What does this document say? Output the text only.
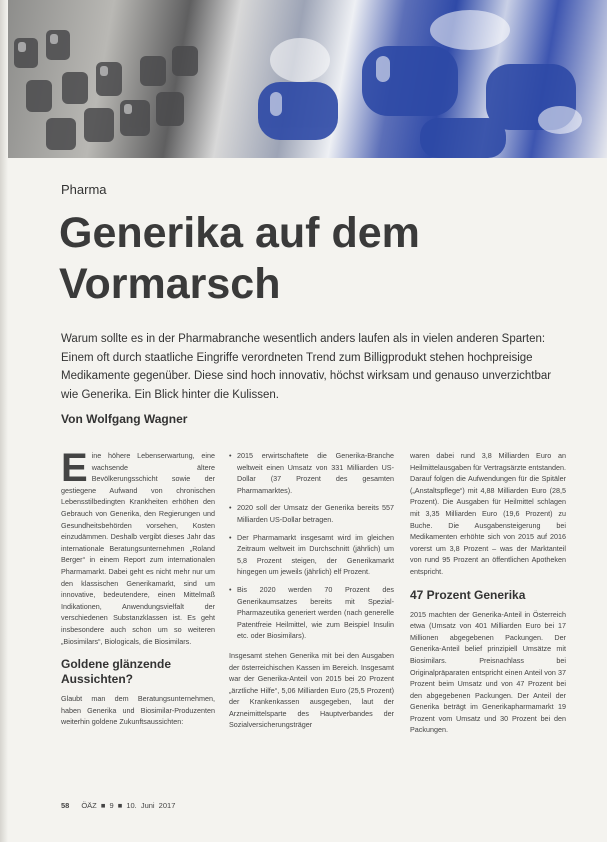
Pharma
Generika auf dem Vormarsch

Warum sollte es in der Pharmabranche wesentlich anders laufen als in vielen anderen Sparten: Einem oft durch staatliche Eingriffe verordneten Trend zum Billigprodukt stehen hochpreisige Medikamente gegenüber. Diese sind hoch innovativ, höchst wirksam und genauso unverzichtbar wie Generika. Ein Blick hinter die Kulissen.

Von Wolfgang Wagner

Eine höhere Lebenserwartung, eine wachsende ältere Bevölkerungsschicht sowie der gestiegene Aufwand von chronischen Lebensstilbedingten Krankheiten erhöhen den Gebrauch von Generika, den Regierungen und Gesundheitsbehörden vorsehen, Kosten einzudämmen. Deshalb vergibt dieses Jahr das internationale Beratungsunternehmen „Roland Berger“ in einem Report zum internationalen Pharmamarkt. Dabei geht es nicht mehr nur um den klassischen Generikamarkt, sind um innovative, bedeutendere, einen Mittelmaß Indikationen, Anwendungsvielfalt der verschiedenen Substanzklassen ist. Es geht insbesondere auch schon um so weiteren „Biosimilars“, Biologicals, die Biosimilars.

Goldene glänzende Aussichten?

Glaubt man dem Beratungsunternehmen, haben Generika und Biosimilar-Produzenten weiterhin goldene Zukunftsaussichten:

• 2015 erwirtschaftete die Generika-Branche weltweit einen Umsatz von 331 Milliarden US-Dollar (37 Prozent des gesamten Pharmamarktes).

• 2020 soll der Umsatz der Generika bereits 557 Milliarden US-Dollar betragen.

• Der Pharmamarkt insgesamt wird im gleichen Zeitraum weltweit im Durchschnitt (jährlich) um 5,8 Prozent steigen, der Generikamarkt hingegen um jeweils (jährlich) elf Prozent.

• Bis 2020 werden 70 Prozent des Generikaumsatzes bereits mit Spezial-Pharmazeutika generiert werden (nach generelle Patentfreie Heilmittel, wie zum Beispiel Insulin etc. oder Biosimilars).

Insgesamt stehen Generika mit bei den Ausgaben der österreichischen Kassen im Bereich. Insgesamt war der Generika-Anteil von 2015 bei 20 Prozent „ärztliche Hilfe“, 5,06 Milliarden Euro (25,5 Prozent) der Krankenkassen ausgegeben, laut der Arzneimittelsparte des Hauptverbandes der Sozialversicherungsträger

waren dabei rund 3,8 Milliarden Euro an Heilmittelausgaben für Vertragsärzte entstanden. Darauf folgen die Aufwendungen für die Spitäler („Anstaltspflege“) mit 4,88 Milliarden Euro (28,5 Prozent). Die Ausgaben für Heilmittel schlagen mit 3,35 Milliarden Euro (19,6 Prozent) zu Buche. Die Ausgabensteigerung bei Medikamenten erhöhte sich von 2015 auf 2016 vorerst um 3,8 Prozent – was der Marktanteil von rund 95 Prozent an öffentlichen Apotheken entspricht.

47 Prozent Generika

2015 machten der Generika-Anteil in Österreich etwa (Umsatz von 401 Milliarden Euro bei 17 Millionen abgegebenen Packungen. Der Generika-Anteil belief prinzipiell Umsätze mit Biosimilars. Preisnachlass bei Originalpräparaten entspricht einen Anteil von 37 Prozent beim Umsatz und von 47 Prozent bei den abgegebenen Packungen. Der Anteil der Generika beträgt im Generikapharmamarkt 19 Prozent vom Umsatz und 30 Prozent bei den Packungen.

58 ÖÄZ ■ 9 ■ 10. Juni 2017
